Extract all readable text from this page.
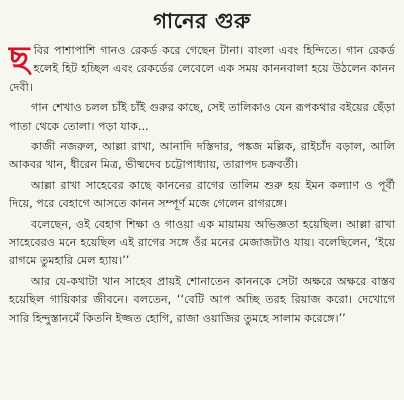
গানের গুরু

ছবির পাশাপাশি গানও রেকর্ড করে গেছেন টানা। বাংলা এবং হিন্দিতে। গান রেকর্ড হলেই হিট হচ্ছিল এবং রেকর্ডের লেবেলে এক সময় কাননবালা হয়ে উঠলেন কানন দেবী।

গান শেখাও চলল চাঁই চাঁই গুরুর কাছে, সেই তালিকাও যেন রূপকথার বইয়ের ছেঁড়া পাতা থেকে তোলা। পড়া যাক...

কাজী নজরুল, আল্লা রাখা, আনাদি দস্তিদার, পঙ্কজ মল্লিক, রাইচাঁদ বড়াল, আলি আকবর খান, ধীরেন মিত্র, ভীষ্মদেব চট্টোপাধ্যায়, তারাপদ চক্রবর্তী।

আল্লা রাখা সাহেবের কাছে কাননের রাগের তালিম শুরু হয় ইমন কল্যাণ ও পূর্বী দিয়ে, পরে বেহাগে আসতে কানন সম্পূর্ণ মজে গেলেন রাগরঙ্গে।

বলেছেন, ওই বেহাগ শিক্ষা ও গাওয়া এক মায়াময় অভিজ্ঞতা হয়েছিল। আল্লা রাখা সাহেবেরও মনে হয়েছিল এই রাগের সঙ্গে ওঁর মনের মেজাজটাও যায়। বলেছিলেন, ‘ইয়ে রাগমে তুমহারি মেল হ্যায়।’’

আর যে-কথাটা খান সাহেব প্রায়ই শোনাতেন কাননকে সেটা অক্ষরে অক্ষরে বাস্তব হয়েছিল গায়িকার জীবনে। বলতেন, ‘‘বেটি আপ অচ্ছি তরহ রিয়াজ করো। দেখোগে সারি হিন্দুস্তানমেঁ কিতনি ইজ্জত হোগি, রাজা ওয়াজির তুমহে সালাম করেঙ্গে।’’
